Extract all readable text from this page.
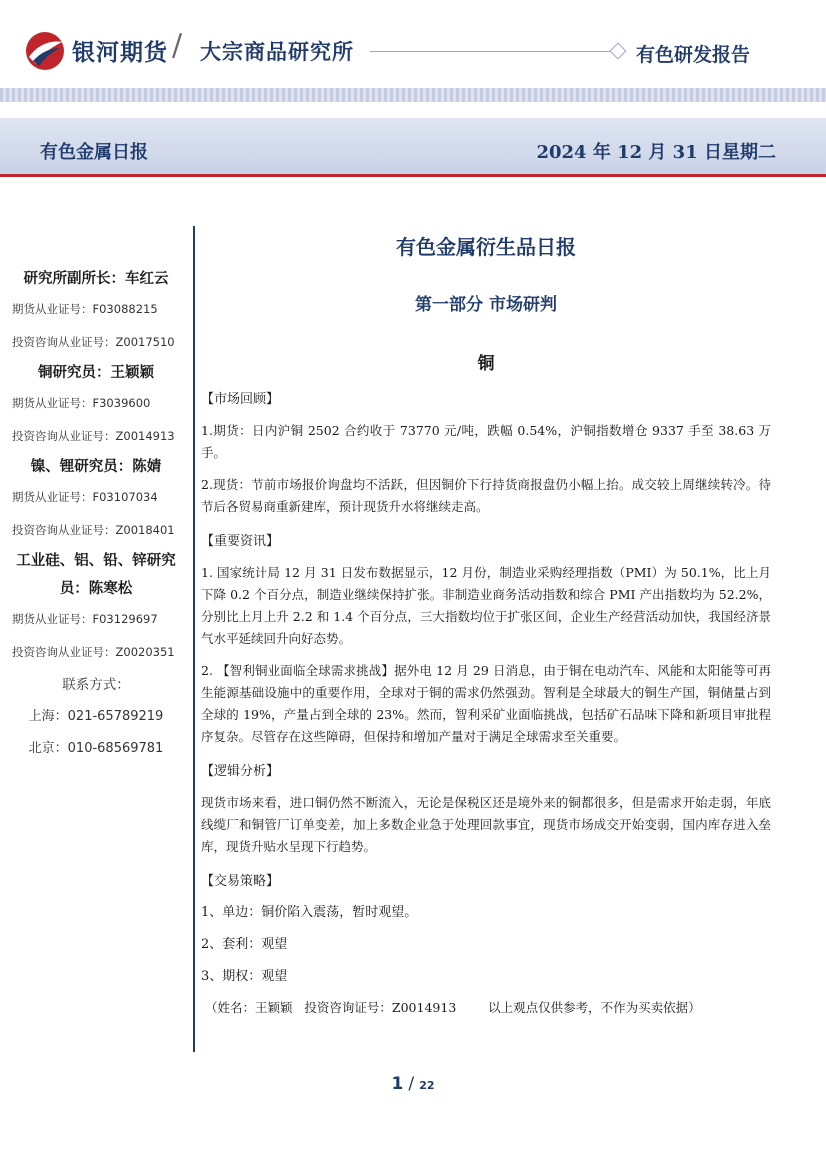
银河期货 / 大宗商品研究所	有色研发报告
有色金属日报	2024 年 12 月 31 日星期二
研究所副所长：车红云
期货从业证号：F03088215
投资咨询从业证号：Z0017510
铜研究员：王颖颖
期货从业证号：F3039600
投资咨询从业证号：Z0014913
镍、锂研究员：陈婧
期货从业证号：F03107034
投资咨询从业证号：Z0018401
工业硅、铝、铅、锌研究
员：陈寒松
期货从业证号：F03129697
投资咨询从业证号：Z0020351
联系方式：
上海：021-65789219
北京：010-68569781
有色金属衍生品日报
第一部分 市场研判
铜
【市场回顾】
1.期货：日内沪铜 2502 合约收于 73770 元/吨，跌幅 0.54%，沪铜指数增仓 9337 手至 38.63 万手。
2.现货：节前市场报价询盘均不活跃，但因铜价下行持货商报盘仍小幅上抬。成交较上周继续转冷。待节后各贸易商重新建库，预计现货升水将继续走高。
【重要资讯】
1. 国家统计局 12 月 31 日发布数据显示，12 月份，制造业采购经理指数（PMI）为 50.1%，比上月下降 0.2 个百分点，制造业继续保持扩张。非制造业商务活动指数和综合 PMI 产出指数均为 52.2%，分别比上月上升 2.2 和 1.4 个百分点，三大指数均位于扩张区间，企业生产经营活动加快，我国经济景气水平延续回升向好态势。
2. 【智利铜业面临全球需求挑战】据外电 12 月 29 日消息，由于铜在电动汽车、风能和太阳能等可再生能源基础设施中的重要作用，全球对于铜的需求仍然强劲。智利是全球最大的铜生产国，铜储量占到全球的 19%，产量占到全球的 23%。然而，智利采矿业面临挑战，包括矿石品味下降和新项目审批程序复杂。尽管存在这些障碍，但保持和增加产量对于满足全球需求至关重要。
【逻辑分析】
现货市场来看，进口铜仍然不断流入，无论是保税区还是境外来的铜都很多，但是需求开始走弱，年底线缆厂和铜管厂订单变差，加上多数企业急于处理回款事宜，现货市场成交开始变弱，国内库存进入垒库，现货升贴水呈现下行趋势。
【交易策略】
1、单边：铜价陷入震荡，暂时观望。
2、套利：观望
3、期权：观望
（姓名：王颖颖   投资咨询证号：Z0014913        以上观点仅供参考，不作为买卖依据）
1 / 22
